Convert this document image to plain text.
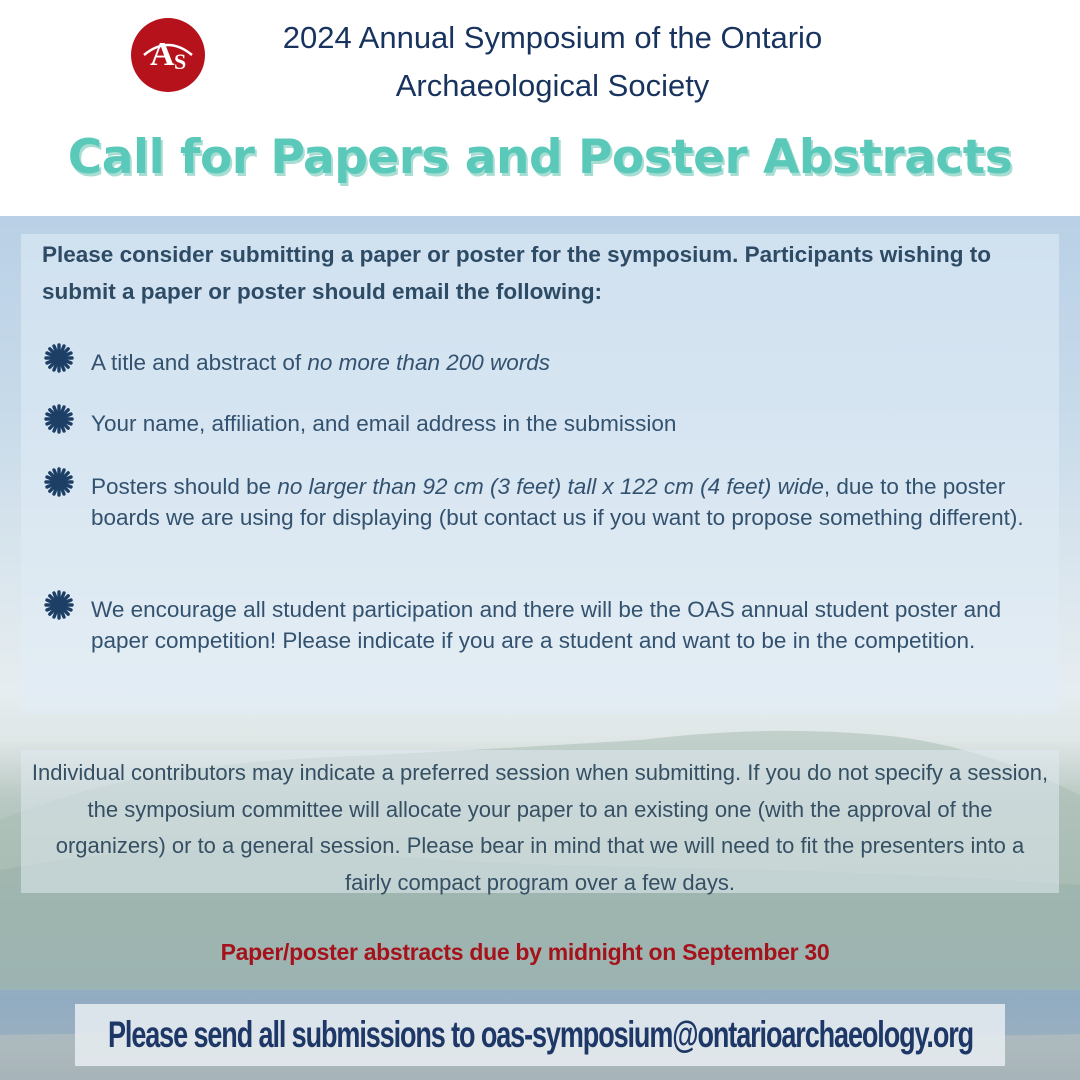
A S
2024 Annual Symposium of the Ontario
Archaeological Society
Call for Papers and Poster Abstracts
Please consider submitting a paper or poster for the symposium. Participants wishing to submit a paper or poster should email the following:
A title and abstract of no more than 200 words
Your name, affiliation, and email address in the submission
Posters should be no larger than 92 cm (3 feet) tall x 122 cm (4 feet) wide, due to the poster boards we are using for displaying (but contact us if you want to propose something different).
We encourage all student participation and there will be the OAS annual student poster and paper competition! Please indicate if you are a student and want to be in the competition.
Individual contributors may indicate a preferred session when submitting. If you do not specify a session, the symposium committee will allocate your paper to an existing one (with the approval of the organizers) or to a general session. Please bear in mind that we will need to fit the presenters into a fairly compact program over a few days.
Paper/poster abstracts due by midnight on September 30
Please send all submissions to oas-symposium@ontarioarchaeology.org
